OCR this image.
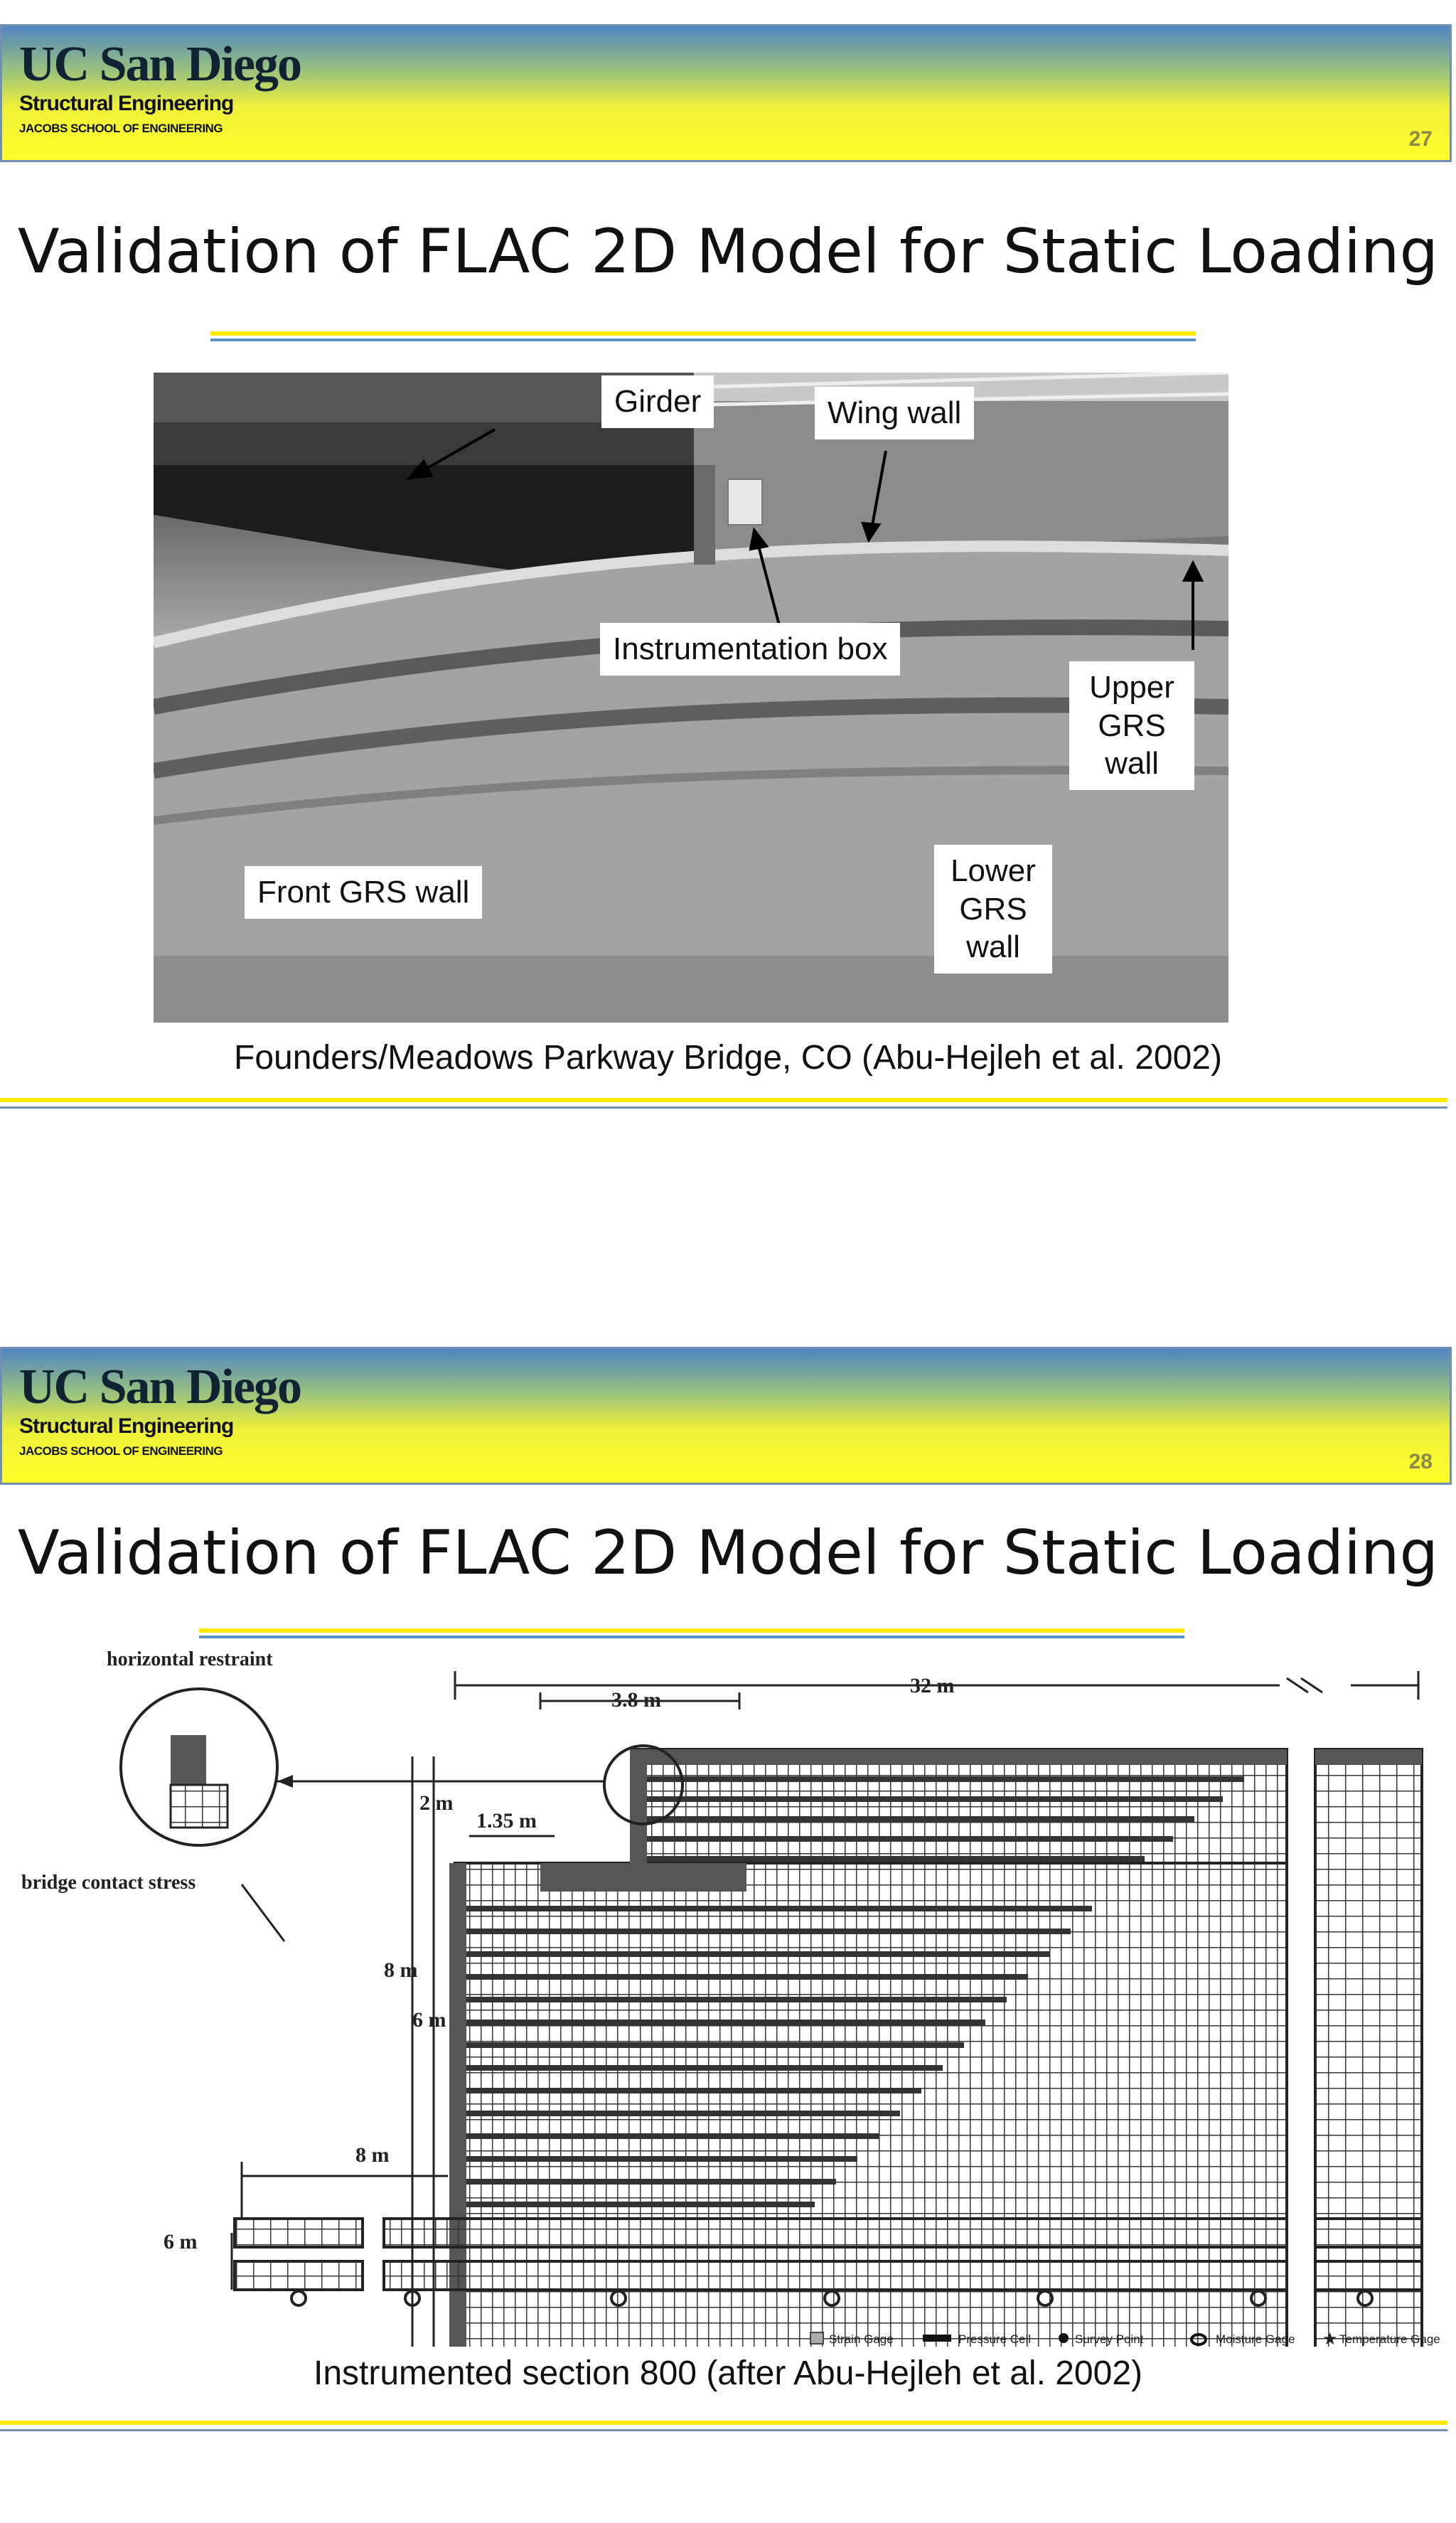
UC San Diego
Structural Engineering
JACOBS SCHOOL OF ENGINEERING	27
Validation of FLAC 2D Model for Static Loading
Girder	Wing wall
Instrumentation box
Upper GRS wall
Front GRS wall
Lower GRS wall
Founders/Meadows Parkway Bridge, CO (Abu-Hejleh et al. 2002)
UC San Diego
Structural Engineering
JACOBS SCHOOL OF ENGINEERING	28
Validation of FLAC 2D Model for Static Loading
horizontal restraint
bridge contact stress
32 m
3.8 m
1.35 m
2 m
8 m
6 m
8 m
6 m
Strain Gage	Pressure Cell	Survey Point	Moisture Gage ★ Temperature Gage
Instrumented section 800 (after Abu-Hejleh et al. 2002)
